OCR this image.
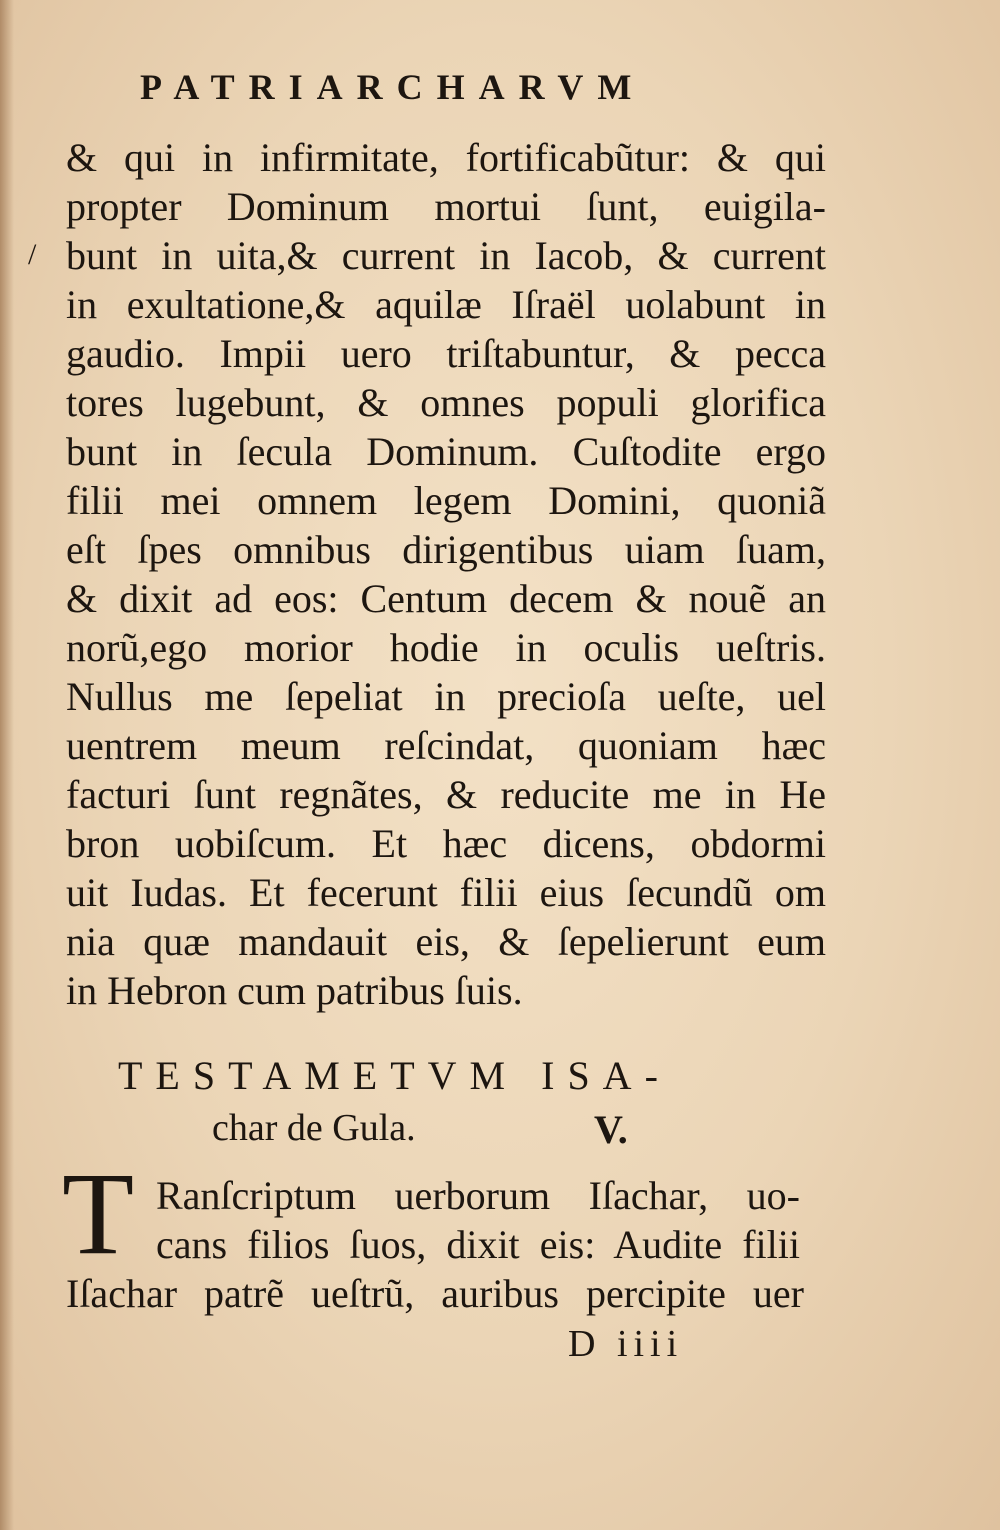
PATRIARCHARVM
/
& qui in infirmitate, fortificabũtur: & qui
propter Dominum mortui ſunt, euigila-
bunt in uita,& current in Iacob, & current
in exultatione,& aquilæ Iſraël uolabunt in
gaudio. Impii uero triſtabuntur, & pecca
tores lugebunt, & omnes populi glorifica
bunt in ſecula Dominum. Cuſtodite ergo
filii mei omnem legem Domini, quoniã
eſt ſpes omnibus dirigentibus uiam ſuam,
& dixit ad eos: Centum decem & nouẽ an
norũ,ego morior hodie in oculis ueſtris.
Nullus me ſepeliat in precioſa ueſte, uel
uentrem meum reſcindat, quoniam hæc
facturi ſunt regnãtes, & reducite me in He
bron uobiſcum. Et hæc dicens, obdormi
uit Iudas. Et fecerunt filii eius ſecundũ om
nia quæ mandauit eis, & ſepelierunt eum
in Hebron cum patribus ſuis.
TESTAMETVM ISA-
char de Gula.	V.
T Ranſcriptum uerborum Iſachar, uo-
cans filios ſuos, dixit eis: Audite filii
Iſachar patrẽ ueſtrũ, auribus percipite uer
D iiii
